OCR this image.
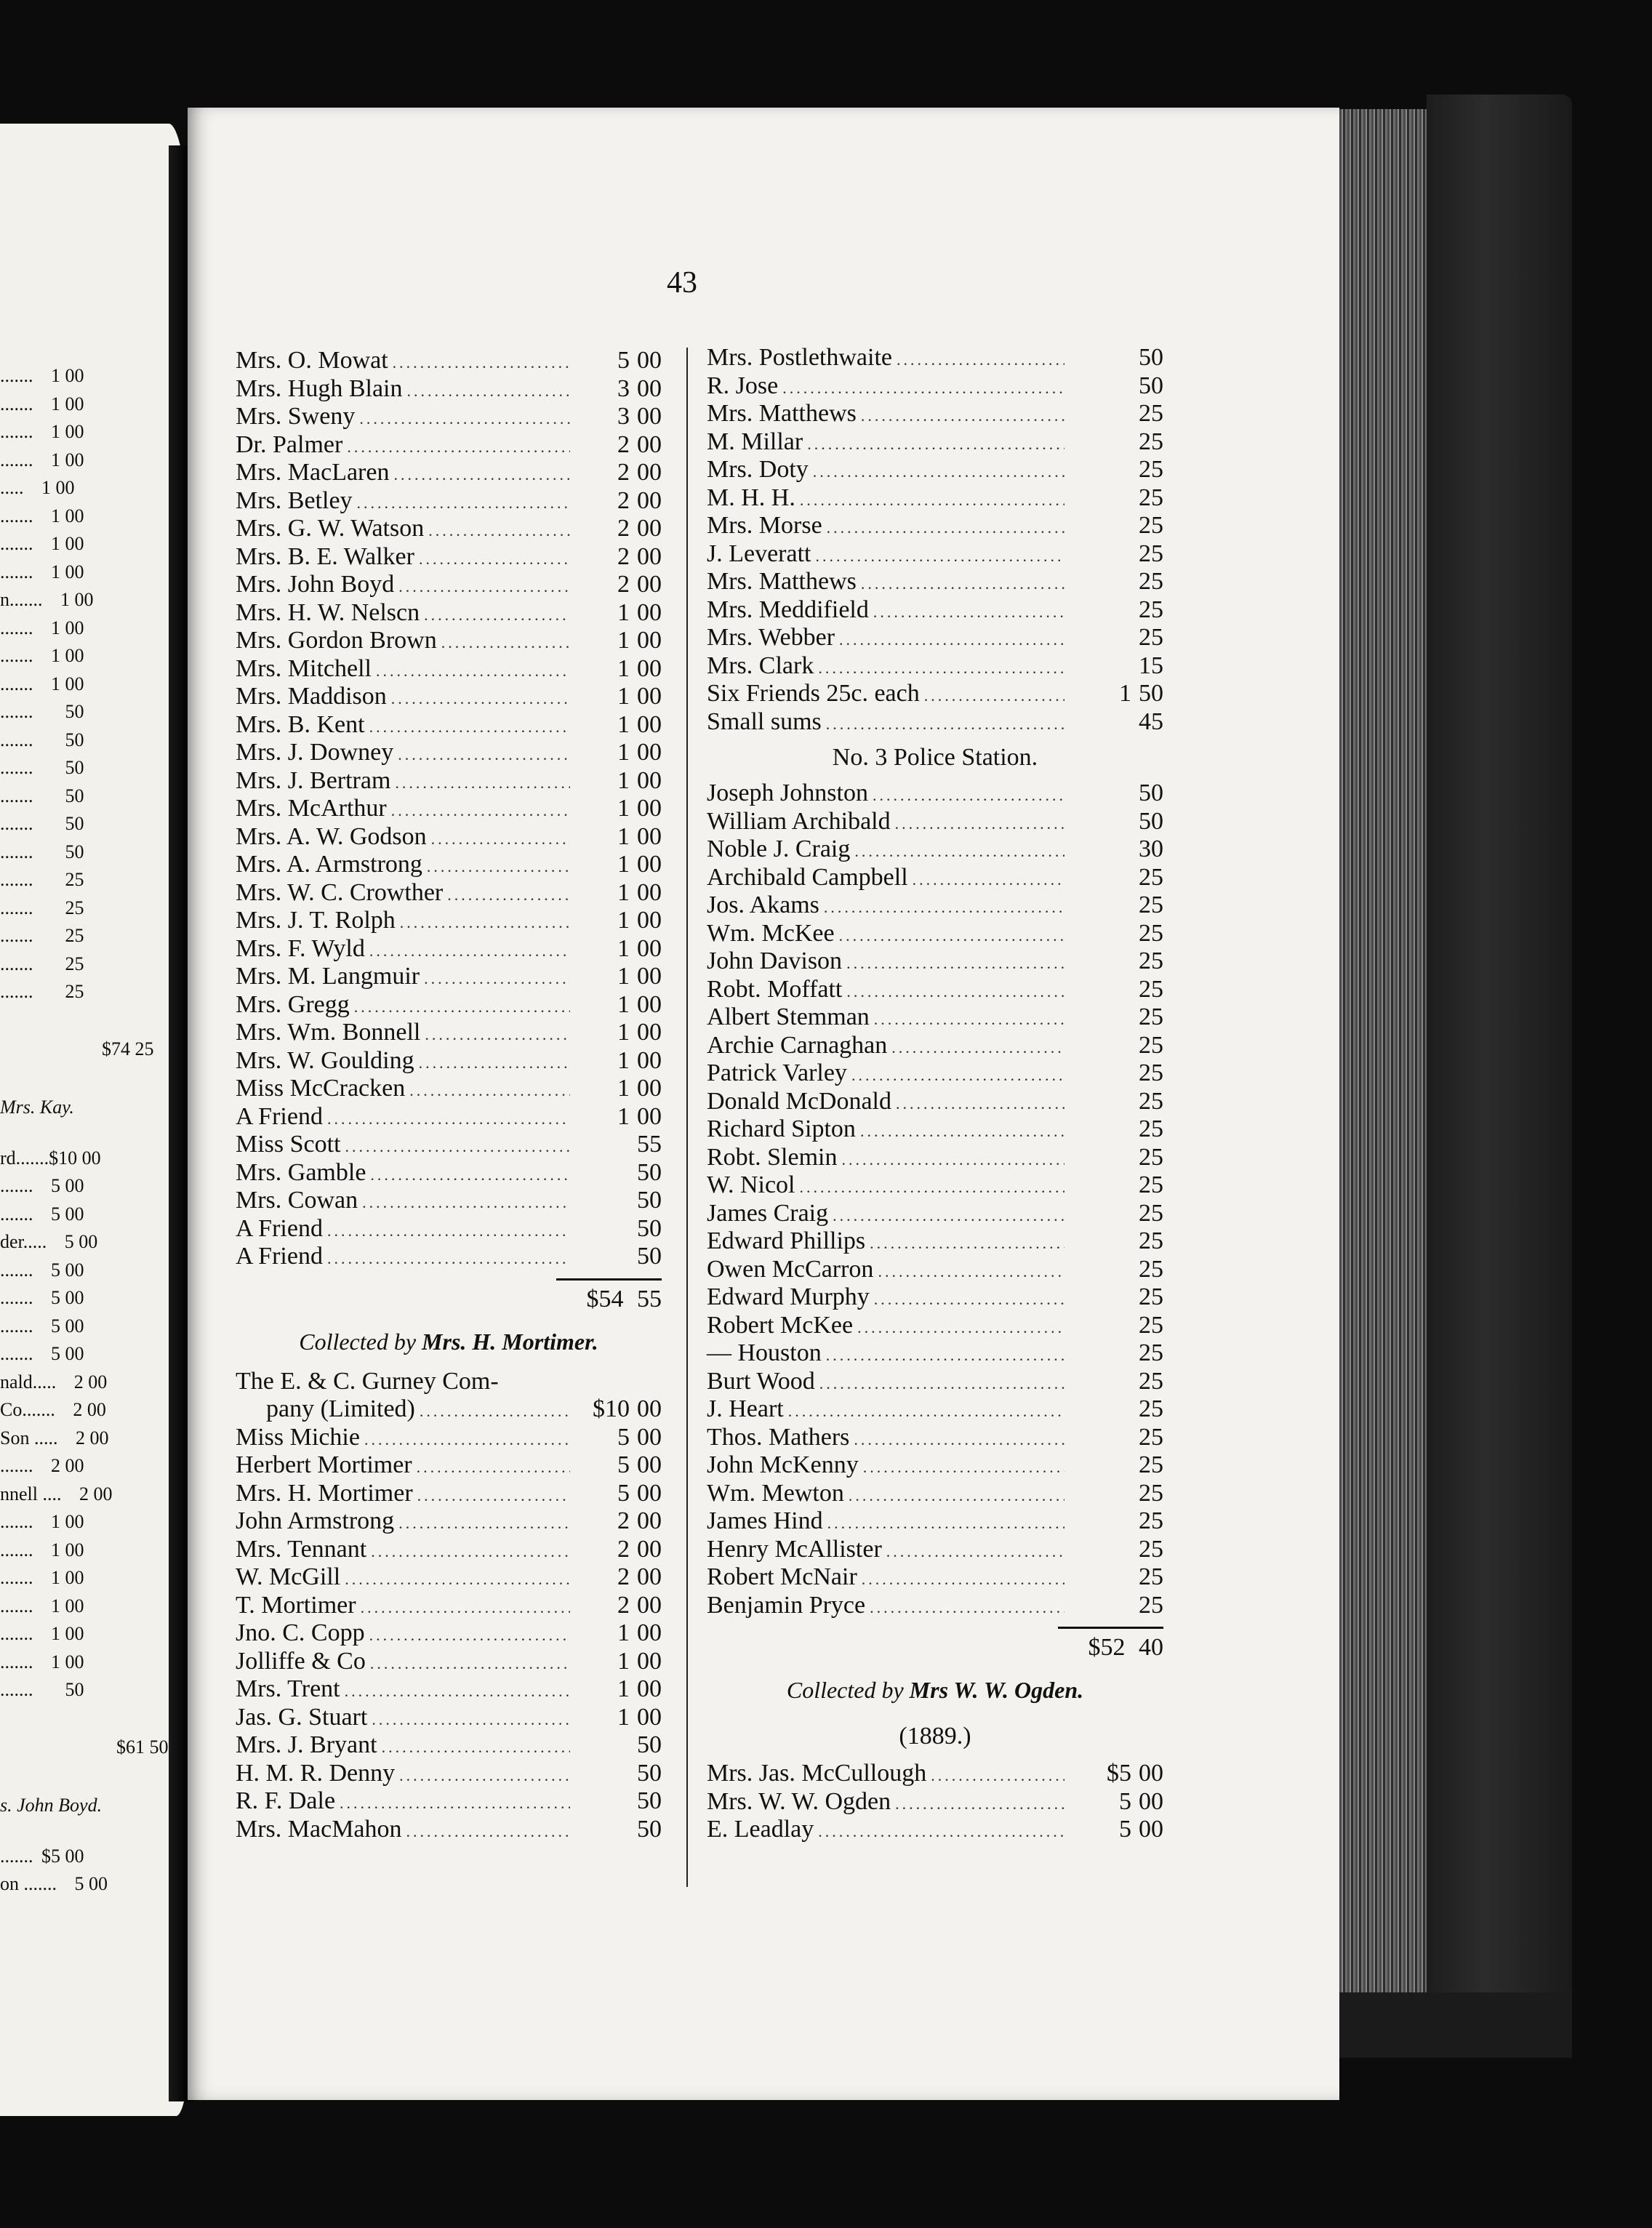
....... 1 00
....... 1 00
....... 1 00
....... 1 00
..... 1 00
....... 1 00
....... 1 00
....... 1 00
n....... 1 00
....... 1 00
....... 1 00
....... 1 00
....... 50
....... 50
....... 50
....... 50
....... 50
....... 50
....... 25
....... 25
....... 25
....... 25
....... 25
$74 25
Mrs. Kay.
rd.......$10 00
....... 5 00
....... 5 00
der..... 5 00
....... 5 00
....... 5 00
....... 5 00
....... 5 00
nald..... 2 00
Co....... 2 00
Son ..... 2 00
....... 2 00
nnell .... 2 00
....... 1 00
....... 1 00
....... 1 00
....... 1 00
....... 1 00
....... 1 00
....... 50
$61 50
s. John Boyd.
....... $5 00
on ....... 5 00
43
Mrs. O. Mowat .....	5 00
Mrs. Hugh Blain .....	3 00
Mrs. Sweny .....	3 00
Dr. Palmer .....	2 00
Mrs. MacLaren .....	2 00
Mrs. Betley .....	2 00
Mrs. G. W. Watson .....	2 00
Mrs. B. E. Walker .....	2 00
Mrs. John Boyd .....	2 00
Mrs. H. W. Nelscn .....	1 00
Mrs. Gordon Brown .....	1 00
Mrs. Mitchell .....	1 00
Mrs. Maddison .....	1 00
Mrs. B. Kent .....	1 00
Mrs. J. Downey .....	1 00
Mrs. J. Bertram .....	1 00
Mrs. McArthur .....	1 00
Mrs. A. W. Godson .....	1 00
Mrs. A. Armstrong .....	1 00
Mrs. W. C. Crowther .....	1 00
Mrs. J. T. Rolph .....	1 00
Mrs. F. Wyld .....	1 00
Mrs. M. Langmuir .....	1 00
Mrs. Gregg .....	1 00
Mrs. Wm. Bonnell .....	1 00
Mrs. W. Goulding .....	1 00
Miss McCracken .....	1 00
A Friend .....	1 00
Miss Scott .....	55
Mrs. Gamble .....	50
Mrs. Cowan .....	50
A Friend .....	50
A Friend .....	50
$54 55
Collected by Mrs. H. Mortimer.
The E. & C. Gurney Com-
pany (Limited) .....	$10 00
Miss Michie .....	5 00
Herbert Mortimer .....	5 00
Mrs. H. Mortimer .....	5 00
John Armstrong .....	2 00
Mrs. Tennant .....	2 00
W. McGill .....	2 00
T. Mortimer .....	2 00
Jno. C. Copp .....	1 00
Jolliffe & Co .....	1 00
Mrs. Trent .....	1 00
Jas. G. Stuart .....	1 00
Mrs. J. Bryant .....	50
H. M. R. Denny .....	50
R. F. Dale .....	50
Mrs. MacMahon .....	50
Mrs. Postlethwaite .....	50
R. Jose .....	50
Mrs. Matthews .....	25
M. Millar .....	25
Mrs. Doty .....	25
M. H. H. .....	25
Mrs. Morse .....	25
J. Leveratt .....	25
Mrs. Matthews .....	25
Mrs. Meddifield .....	25
Mrs. Webber .....	25
Mrs. Clark .....	15
Six Friends 25c. each .....	1 50
Small sums .....	45
No. 3 Police Station.
Joseph Johnston .....	50
William Archibald .....	50
Noble J. Craig .....	30
Archibald Campbell .....	25
Jos. Akams .....	25
Wm. McKee .....	25
John Davison .....	25
Robt. Moffatt .....	25
Albert Stemman .....	25
Archie Carnaghan .....	25
Patrick Varley .....	25
Donald McDonald .....	25
Richard Sipton .....	25
Robt. Slemin .....	25
W. Nicol .....	25
James Craig .....	25
Edward Phillips .....	25
Owen McCarron .....	25
Edward Murphy .....	25
Robert McKee .....	25
— Houston .....	25
Burt Wood .....	25
J. Heart .....	25
Thos. Mathers .....	25
John McKenny .....	25
Wm. Mewton .....	25
James Hind .....	25
Henry McAllister .....	25
Robert McNair .....	25
Benjamin Pryce .....	25
$52 40
Collected by Mrs W. W. Ogden.
(1889.)
Mrs. Jas. McCullough .....	$5 00
Mrs. W. W. Ogden .....	5 00
E. Leadlay .....	5 00
